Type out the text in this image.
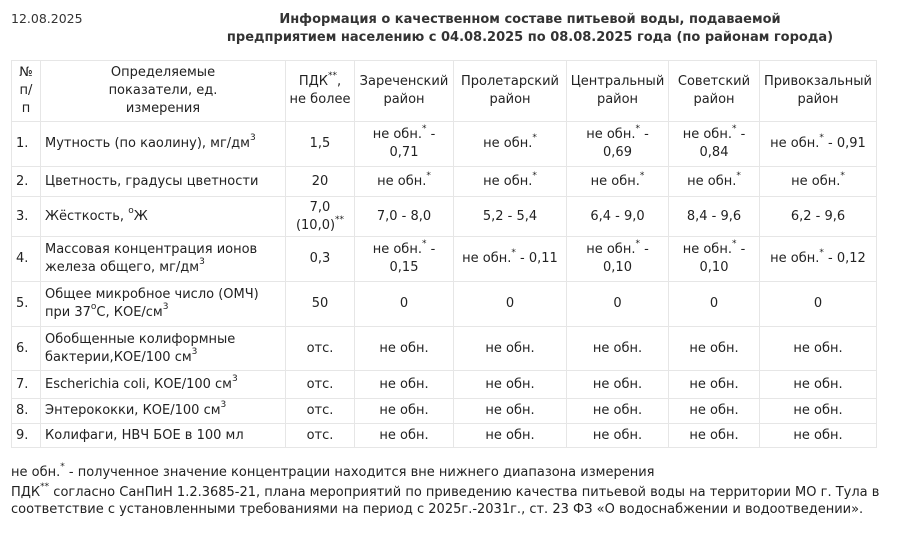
12.08.2025	Информация о качественном составе питьевой воды, подаваемой
предприятием населению с 04.08.2025 по 08.08.2025 года (по районам города)
№ п/ п	Определяемые показатели, ед. измерения	ПДК**, не более	Зареченский район	Пролетарский район	Центральный район	Советский район	Привокзальный район
1.	Мутность (по каолину), $мг/дм^3$	1,5	не обн.* - 0,71	не обн.*	не обн.* - 0,69	не обн.* - 0,84	не обн.* - 0,91
2.	Цветность, градусы цветности	20	не обн.*	не обн.*	не обн.*	не обн.*	не обн.*
3.	Жёсткость, $^о$Ж	7,0 (10,0)**	7,0 - 8,0	5,2 - 5,4	6,4 - 9,0	8,4 - 9,6	6,2 - 9,6
4.	Массовая концентрация ионов железа общего, $мг/дм^3$	0,3	не обн.* - 0,15	не обн.* - 0,11	не обн.* - 0,10	не обн.* - 0,10	не обн.* - 0,12
5.	Общее микробное число (ОМЧ) при $37^оС$, КОЕ/$см^3$	50	0	0	0	0	0
6.	Обобщенные колиформные бактерии,КОЕ/100 $см^3$	отс.	не обн.	не обн.	не обн.	не обн.	не обн.
7.	Escherichia coli, КОЕ/100 $см^3$	отс.	не обн.	не обн.	не обн.	не обн.	не обн.
8.	Энтерококки, КОЕ/100 $см^3$	отс.	не обн.	не обн.	не обн.	не обн.	не обн.
9.	Колифаги, НВЧ БОЕ в 100 мл	отс.	не обн.	не обн.	не обн.	не обн.	не обн.

не обн.* - полученное значение концентрации находится вне нижнего диапазона измерения

ПДК** согласно СанПиН 1.2.3685-21, плана мероприятий по приведению качества питьевой воды на территории МО г. Тула в соответствие с установленными требованиями на период с 2025г.-2031г., ст. 23 ФЗ «О водоснабжении и водоотведении».
